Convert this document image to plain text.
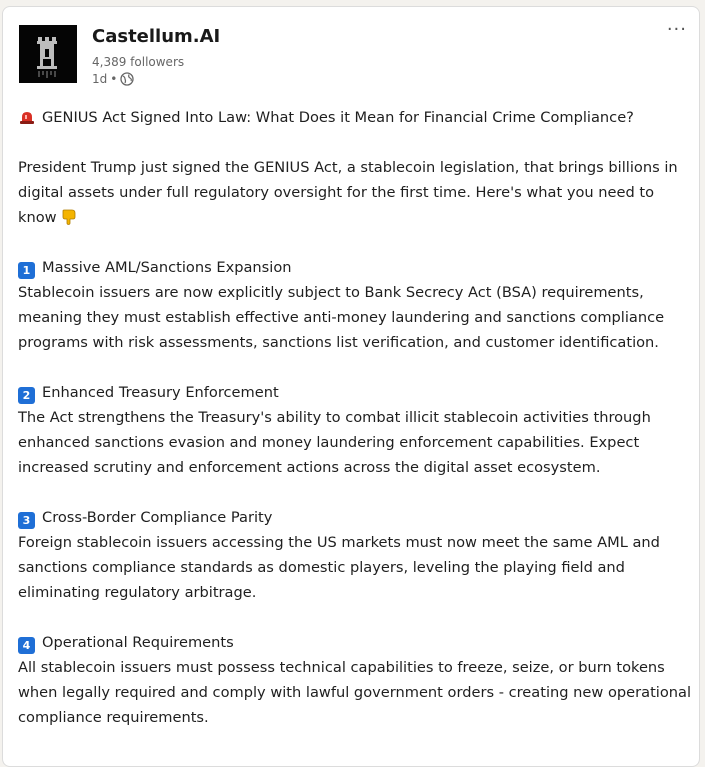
Castellum.AI
4,389 followers
1d •
···

GENIUS Act Signed Into Law: What Does it Mean for Financial Crime Compliance?

President Trump just signed the GENIUS Act, a stablecoin legislation, that brings billions in digital assets under full regulatory oversight for the first time. Here's what you need to know

1 Massive AML/Sanctions Expansion
Stablecoin issuers are now explicitly subject to Bank Secrecy Act (BSA) requirements, meaning they must establish effective anti-money laundering and sanctions compliance programs with risk assessments, sanctions list verification, and customer identification.

2 Enhanced Treasury Enforcement
The Act strengthens the Treasury's ability to combat illicit stablecoin activities through enhanced sanctions evasion and money laundering enforcement capabilities. Expect increased scrutiny and enforcement actions across the digital asset ecosystem.

3 Cross-Border Compliance Parity
Foreign stablecoin issuers accessing the US markets must now meet the same AML and sanctions compliance standards as domestic players, leveling the playing field and eliminating regulatory arbitrage.

4 Operational Requirements
All stablecoin issuers must possess technical capabilities to freeze, seize, or burn tokens when legally required and comply with lawful government orders - creating new operational compliance requirements.
